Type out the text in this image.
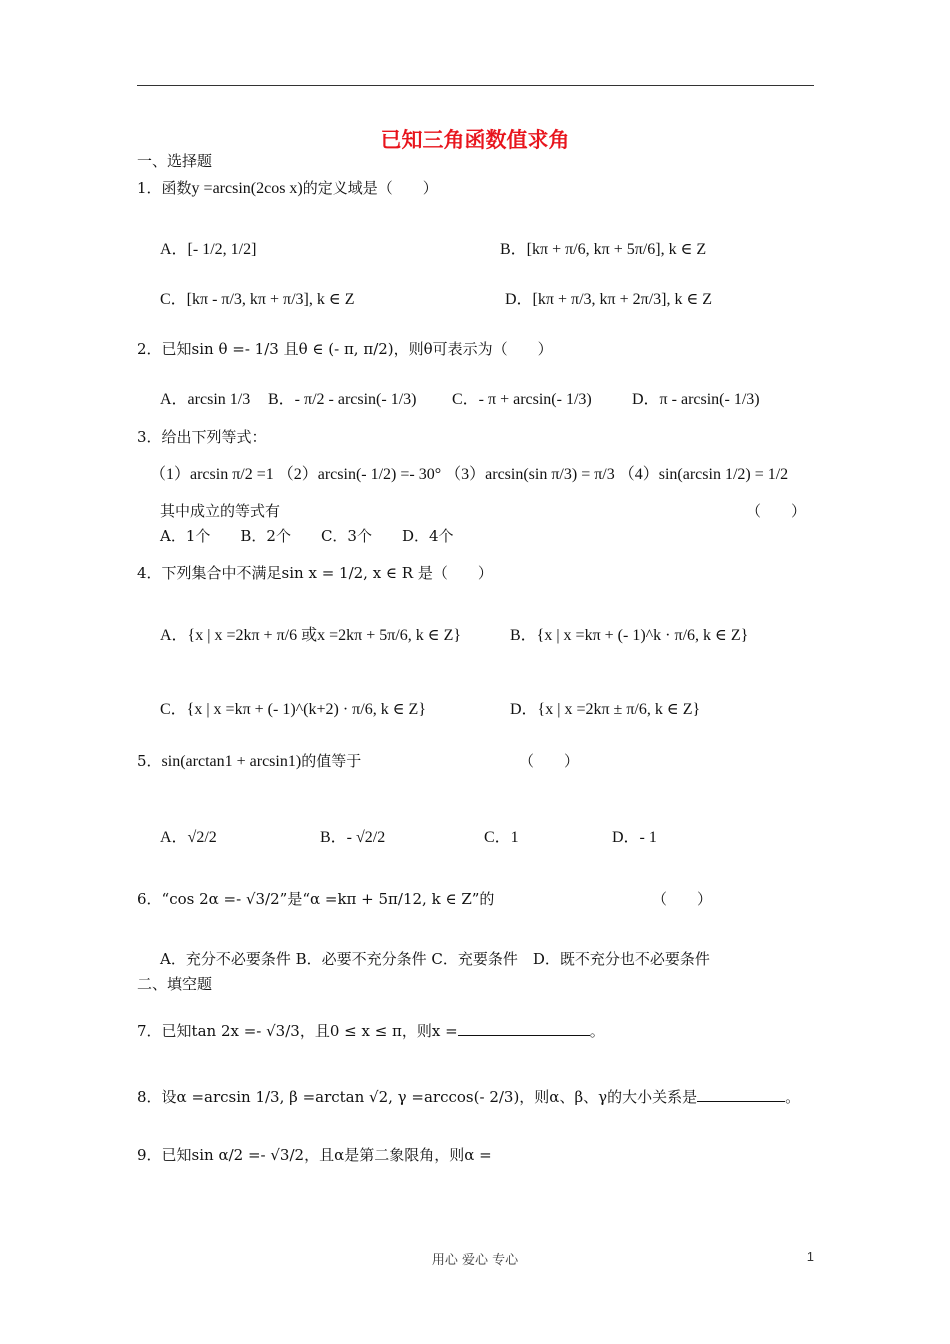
已知三角函数值求角
一、选择题
1．函数y =arcsin(2cos x)的定义域是（　　）
A．[- 1/2, 1/2]	B．[kπ + π/6, kπ + 5π/6], k ∈ Z
C．[kπ - π/3, kπ + π/3], k ∈ Z	D．[kπ + π/3, kπ + 2π/3], k ∈ Z
2．已知sin θ =- 1/3 且θ ∈ (- π, π/2)，则θ可表示为（　　）
A．arcsin 1/3 B．- π/2 - arcsin(- 1/3) C．- π + arcsin(- 1/3)	D．π - arcsin(- 1/3)
3．给出下列等式：
（1）arcsin π/2 =1 （2）arcsin(- 1/2) =- 30° （3）arcsin(sin π/3) = π/3 （4）sin(arcsin 1/2) = 1/2
其中成立的等式有	（　　）
A．1个　　B．2个　　C．3个　　D．4个
4．下列集合中不满足sin x = 1/2, x ∈ R 是（　　）
A．{x | x =2kπ + π/6 或x =2kπ + 5π/6, k ∈ Z}	B．{x | x =kπ + (- 1)^k · π/6, k ∈ Z}
C．{x | x =kπ + (- 1)^(k+2) · π/6, k ∈ Z}	D．{x | x =2kπ ± π/6, k ∈ Z}
5．sin(arctan1 + arcsin1)的值等于	（　　）
A．√2/2	B．- √2/2	C．1	D．- 1
6．“cos 2α =- √3/2”是“α =kπ + 5π/12, k ∈ Z”的	（　　）
A．充分不必要条件 B．必要不充分条件 C．充要条件　D．既不充分也不必要条件
二、填空题
7．已知tan 2x =- √3/3，且0 ≤ x ≤ π，则x =	。
8．设α =arcsin 1/3, β =arctan √2, γ =arccos(- 2/3)，则α、β、γ的大小关系是	。
9．已知sin α/2 =- √3/2，且α是第二象限角，则α =
用心 爱心 专心	1
